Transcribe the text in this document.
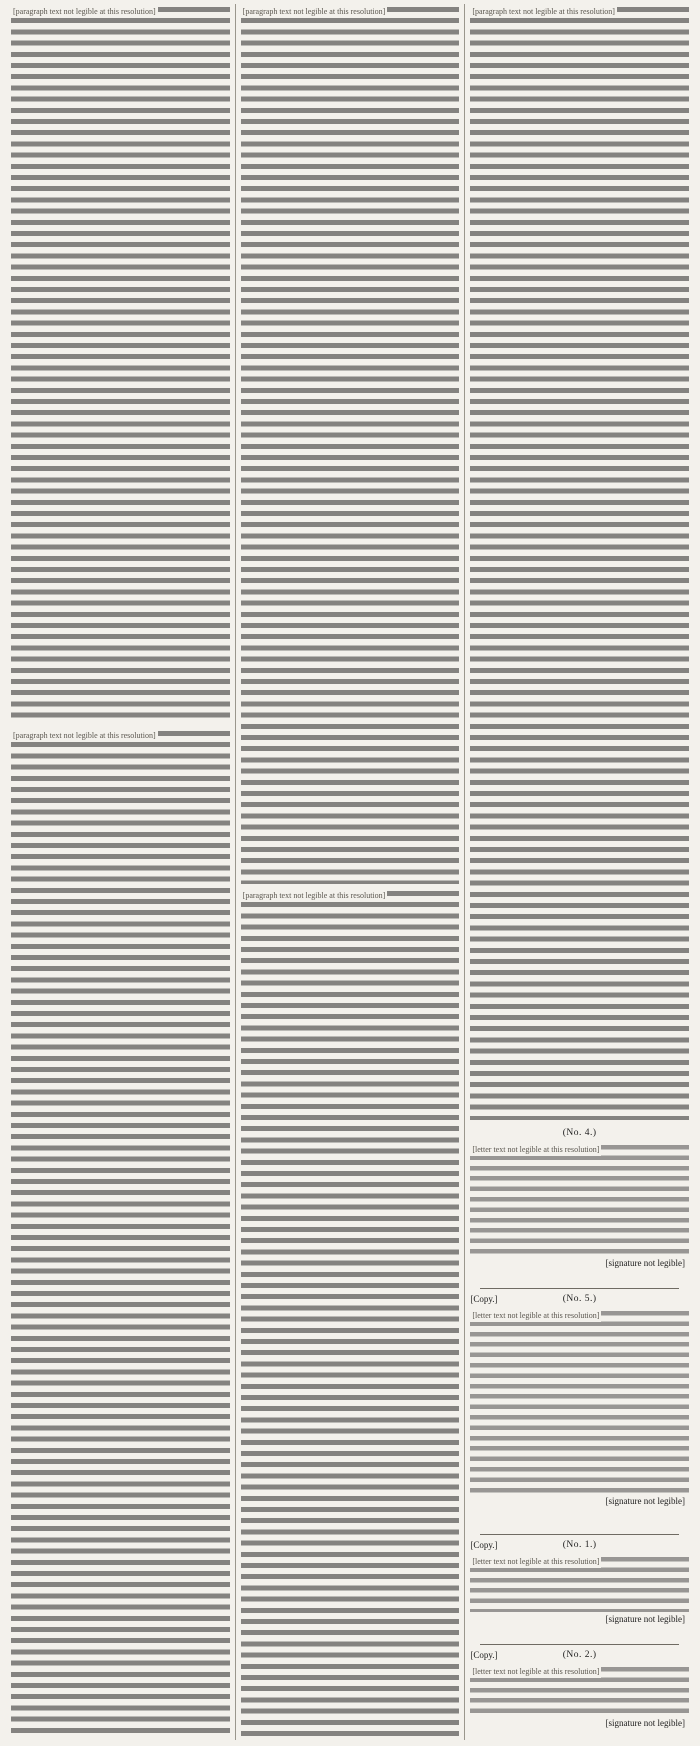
[paragraph text not legible at this resolution]
[paragraph text not legible at this resolution]
[paragraph text not legible at this resolution]
[paragraph text not legible at this resolution]
[paragraph text not legible at this resolution]
(No. 4.)
[letter text not legible at this resolution]
[signature not legible]
[Copy.]	(No. 5.)
[letter text not legible at this resolution]
[signature not legible]
[Copy.]	(No. 1.)
[letter text not legible at this resolution]
[signature not legible]
[Copy.]	(No. 2.)
[letter text not legible at this resolution]
[signature not legible]
